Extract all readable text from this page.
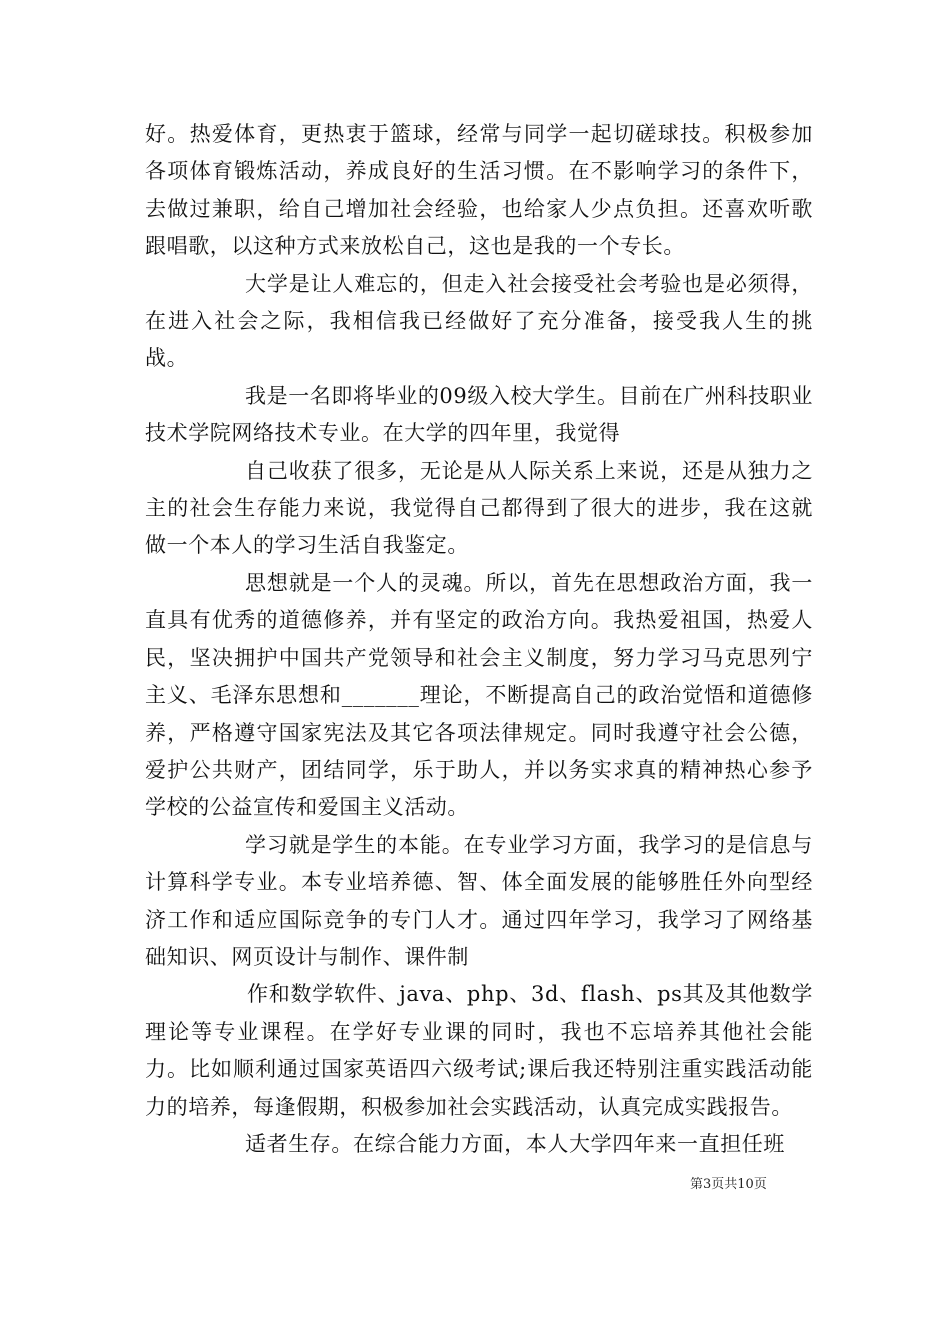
好。热爱体育，更热衷于篮球，经常与同学一起切磋球技。积极参加各项体育锻炼活动，养成良好的生活习惯。在不影响学习的条件下，去做过兼职，给自己增加社会经验，也给家人少点负担。还喜欢听歌跟唱歌，以这种方式来放松自己，这也是我的一个专长。

大学是让人难忘的，但走入社会接受社会考验也是必须得，在进入社会之际，我相信我已经做好了充分准备，接受我人生的挑战。

我是一名即将毕业的09级入校大学生。目前在广州科技职业技术学院网络技术专业。在大学的四年里，我觉得

自己收获了很多，无论是从人际关系上来说，还是从独力之主的社会生存能力来说，我觉得自己都得到了很大的进步，我在这就做一个本人的学习生活自我鉴定。

思想就是一个人的灵魂。所以，首先在思想政治方面，我一直具有优秀的道德修养，并有坚定的政治方向。我热爱祖国，热爱人民，坚决拥护中国共产党领导和社会主义制度，努力学习马克思列宁主义、毛泽东思想和_______理论，不断提高自己的政治觉悟和道德修养，严格遵守国家宪法及其它各项法律规定。同时我遵守社会公德，爱护公共财产，团结同学，乐于助人，并以务实求真的精神热心参予学校的公益宣传和爱国主义活动。

学习就是学生的本能。在专业学习方面，我学习的是信息与计算科学专业。本专业培养德、智、体全面发展的能够胜任外向型经济工作和适应国际竞争的专门人才。通过四年学习，我学习了网络基础知识、网页设计与制作、课件制

作和数学软件、java、php、3d、flash、ps其及其他数学理论等专业课程。在学好专业课的同时，我也不忘培养其他社会能力。比如顺利通过国家英语四六级考试;课后我还特别注重实践活动能力的培养，每逢假期，积极参加社会实践活动，认真完成实践报告。

适者生存。在综合能力方面，本人大学四年来一直担任班

第3页共10页
